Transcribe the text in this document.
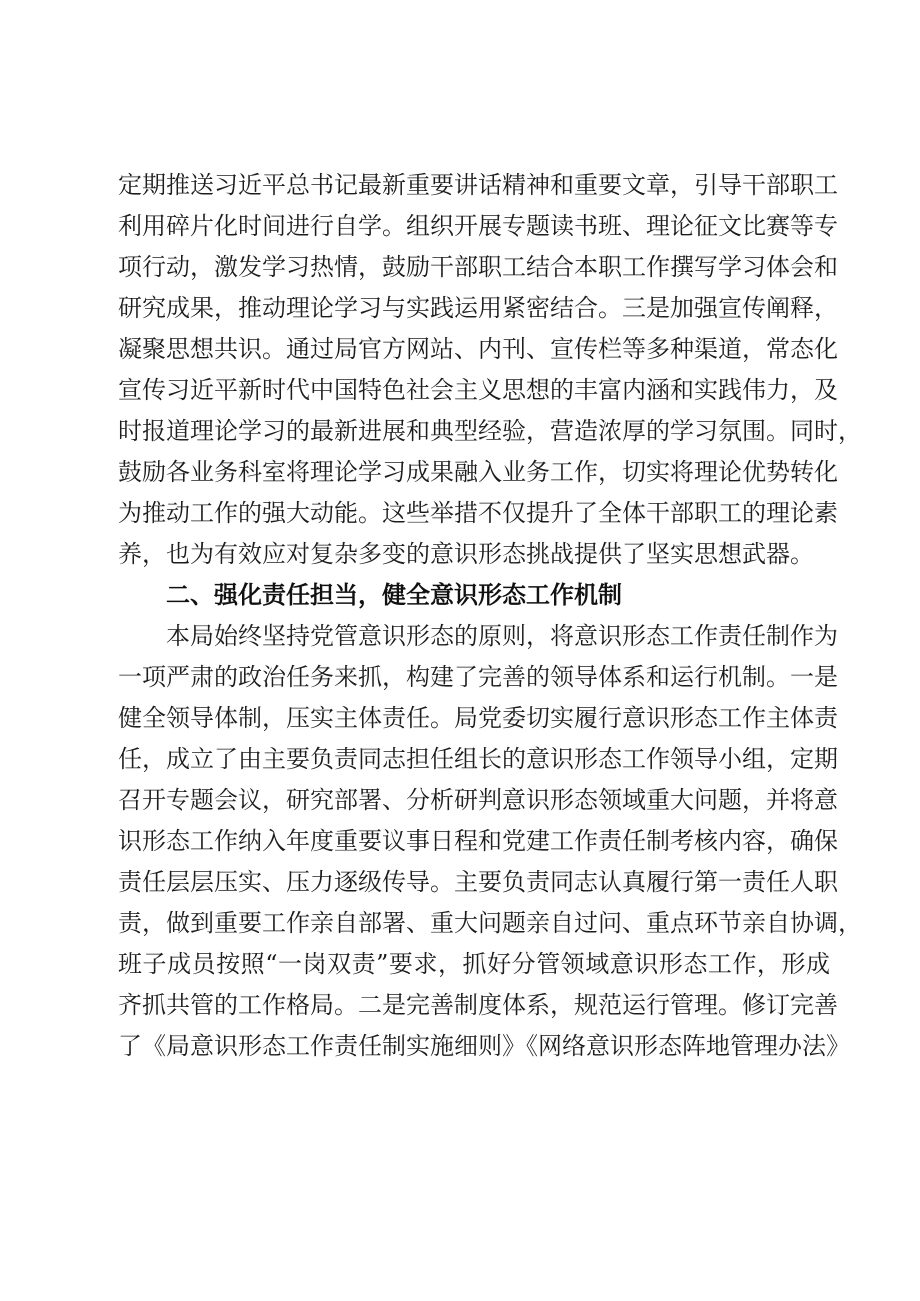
定期推送习近平总书记最新重要讲话精神和重要文章，引导干部职工
利用碎片化时间进行自学。组织开展专题读书班、理论征文比赛等专
项行动，激发学习热情，鼓励干部职工结合本职工作撰写学习体会和
研究成果，推动理论学习与实践运用紧密结合。三是加强宣传阐释，
凝聚思想共识。通过局官方网站、内刊、宣传栏等多种渠道，常态化
宣传习近平新时代中国特色社会主义思想的丰富内涵和实践伟力，及
时报道理论学习的最新进展和典型经验，营造浓厚的学习氛围。同时，
鼓励各业务科室将理论学习成果融入业务工作，切实将理论优势转化
为推动工作的强大动能。这些举措不仅提升了全体干部职工的理论素
养，也为有效应对复杂多变的意识形态挑战提供了坚实思想武器。
二、强化责任担当，健全意识形态工作机制
本局始终坚持党管意识形态的原则，将意识形态工作责任制作为
一项严肃的政治任务来抓，构建了完善的领导体系和运行机制。一是
健全领导体制，压实主体责任。局党委切实履行意识形态工作主体责
任，成立了由主要负责同志担任组长的意识形态工作领导小组，定期
召开专题会议，研究部署、分析研判意识形态领域重大问题，并将意
识形态工作纳入年度重要议事日程和党建工作责任制考核内容，确保
责任层层压实、压力逐级传导。主要负责同志认真履行第一责任人职
责，做到重要工作亲自部署、重大问题亲自过问、重点环节亲自协调，
班子成员按照“一岗双责”要求，抓好分管领域意识形态工作，形成
齐抓共管的工作格局。二是完善制度体系，规范运行管理。修订完善
了《局意识形态工作责任制实施细则》《网络意识形态阵地管理办法》
